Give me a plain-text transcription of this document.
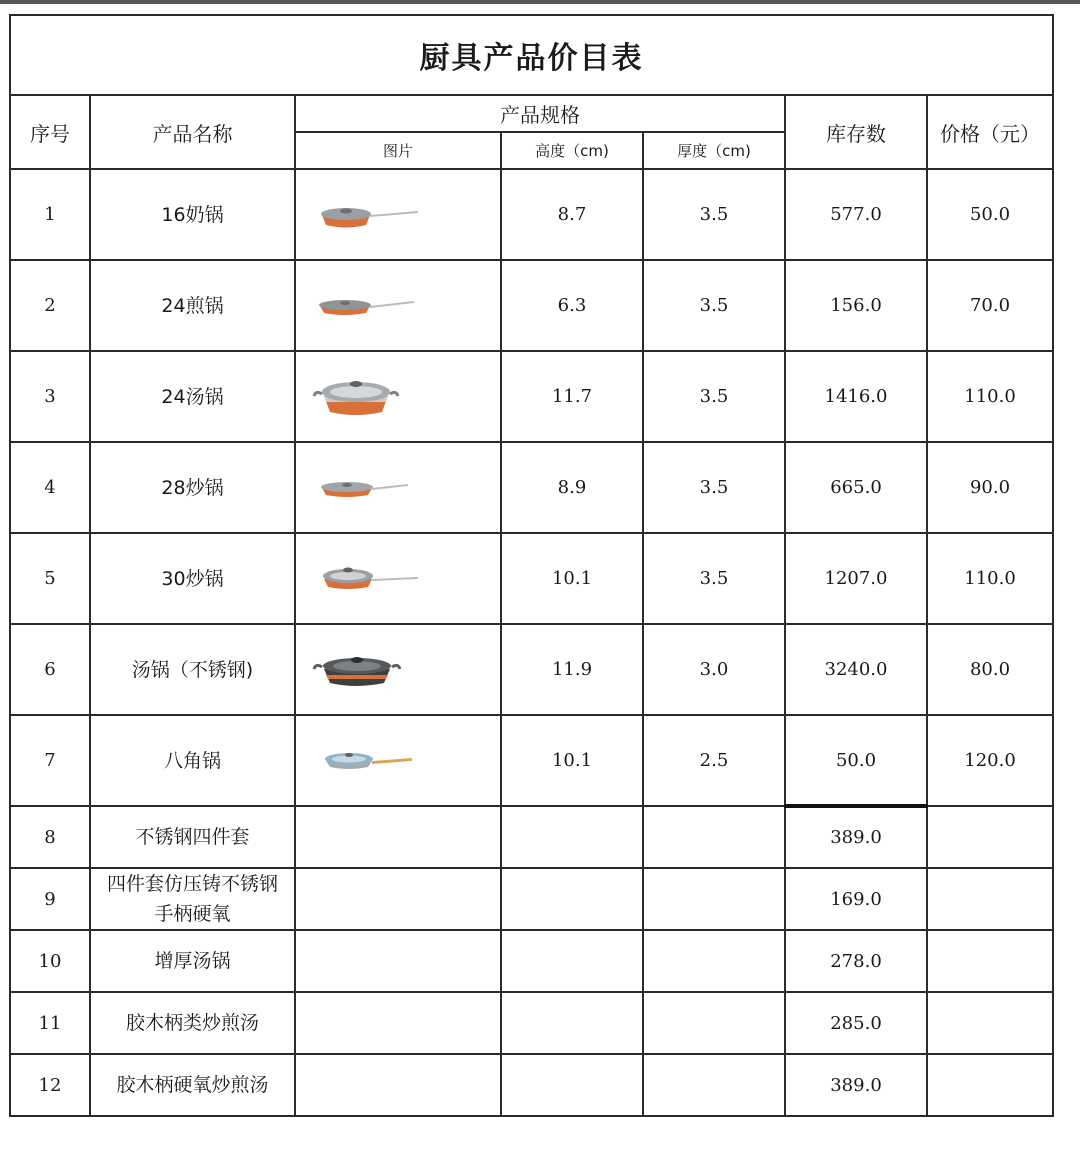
厨具产品价目表						
序号	产品名称	产品规格			库存数	价格（元）
		图片	高度（cm)	厚度（cm)		
1	16奶锅		8.7	3.5	577.0	50.0
2	24煎锅		6.3	3.5	156.0	70.0
3	24汤锅		11.7	3.5	1416.0	110.0
4	28炒锅		8.9	3.5	665.0	90.0
5	30炒锅		10.1	3.5	1207.0	110.0
6	汤锅（不锈钢)		11.9	3.0	3240.0	80.0
7	八角锅		10.1	2.5	50.0	120.0
8	不锈钢四件套				389.0	
9	四件套仿压铸不锈钢
手柄硬氧				169.0	
10	增厚汤锅				278.0	
11	胶木柄类炒煎汤				285.0	
12	胶木柄硬氧炒煎汤				389.0	
